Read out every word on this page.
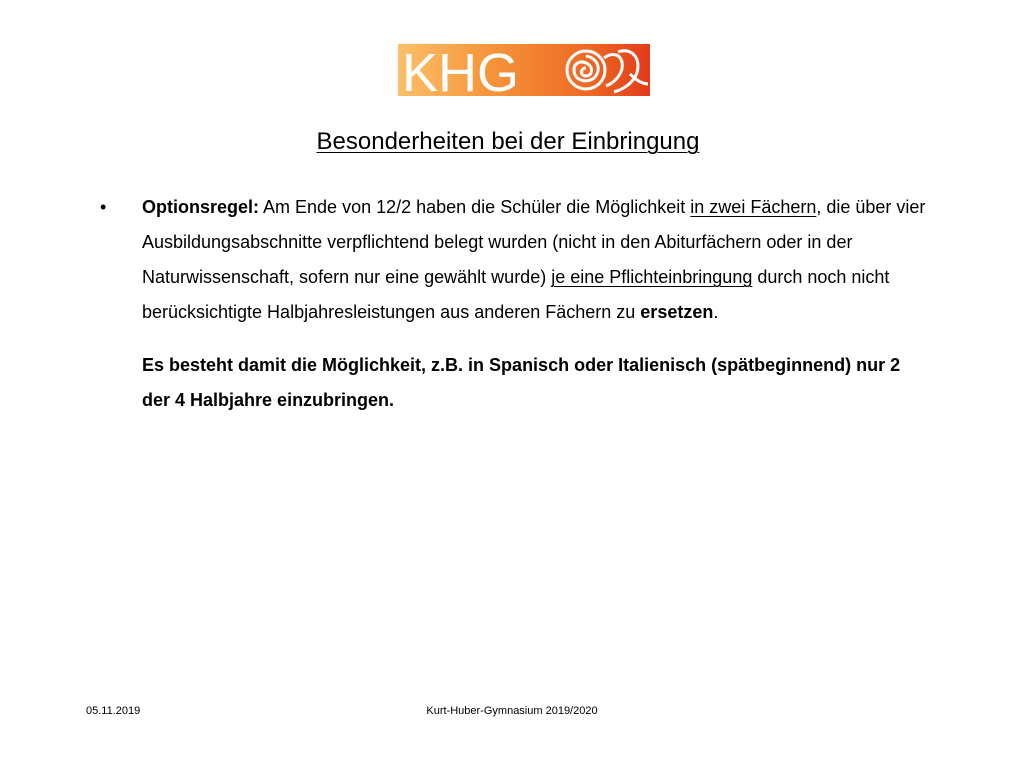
KHG
Besonderheiten bei der Einbringung
• Optionsregel: Am Ende von 12/2 haben die Schüler die Möglichkeit in zwei Fächern, die über vier Ausbildungsabschnitte verpflichtend belegt wurden (nicht in den Abiturfächern oder in der Naturwissenschaft, sofern nur eine gewählt wurde) je eine Pflichteinbringung durch noch nicht berücksichtigte Halbjahresleistungen aus anderen Fächern zu ersetzen.

Es besteht damit die Möglichkeit, z.B. in Spanisch oder Italienisch (spätbeginnend) nur 2 der 4 Halbjahre einzubringen.

05.11.2019	Kurt-Huber-Gymnasium 2019/2020
